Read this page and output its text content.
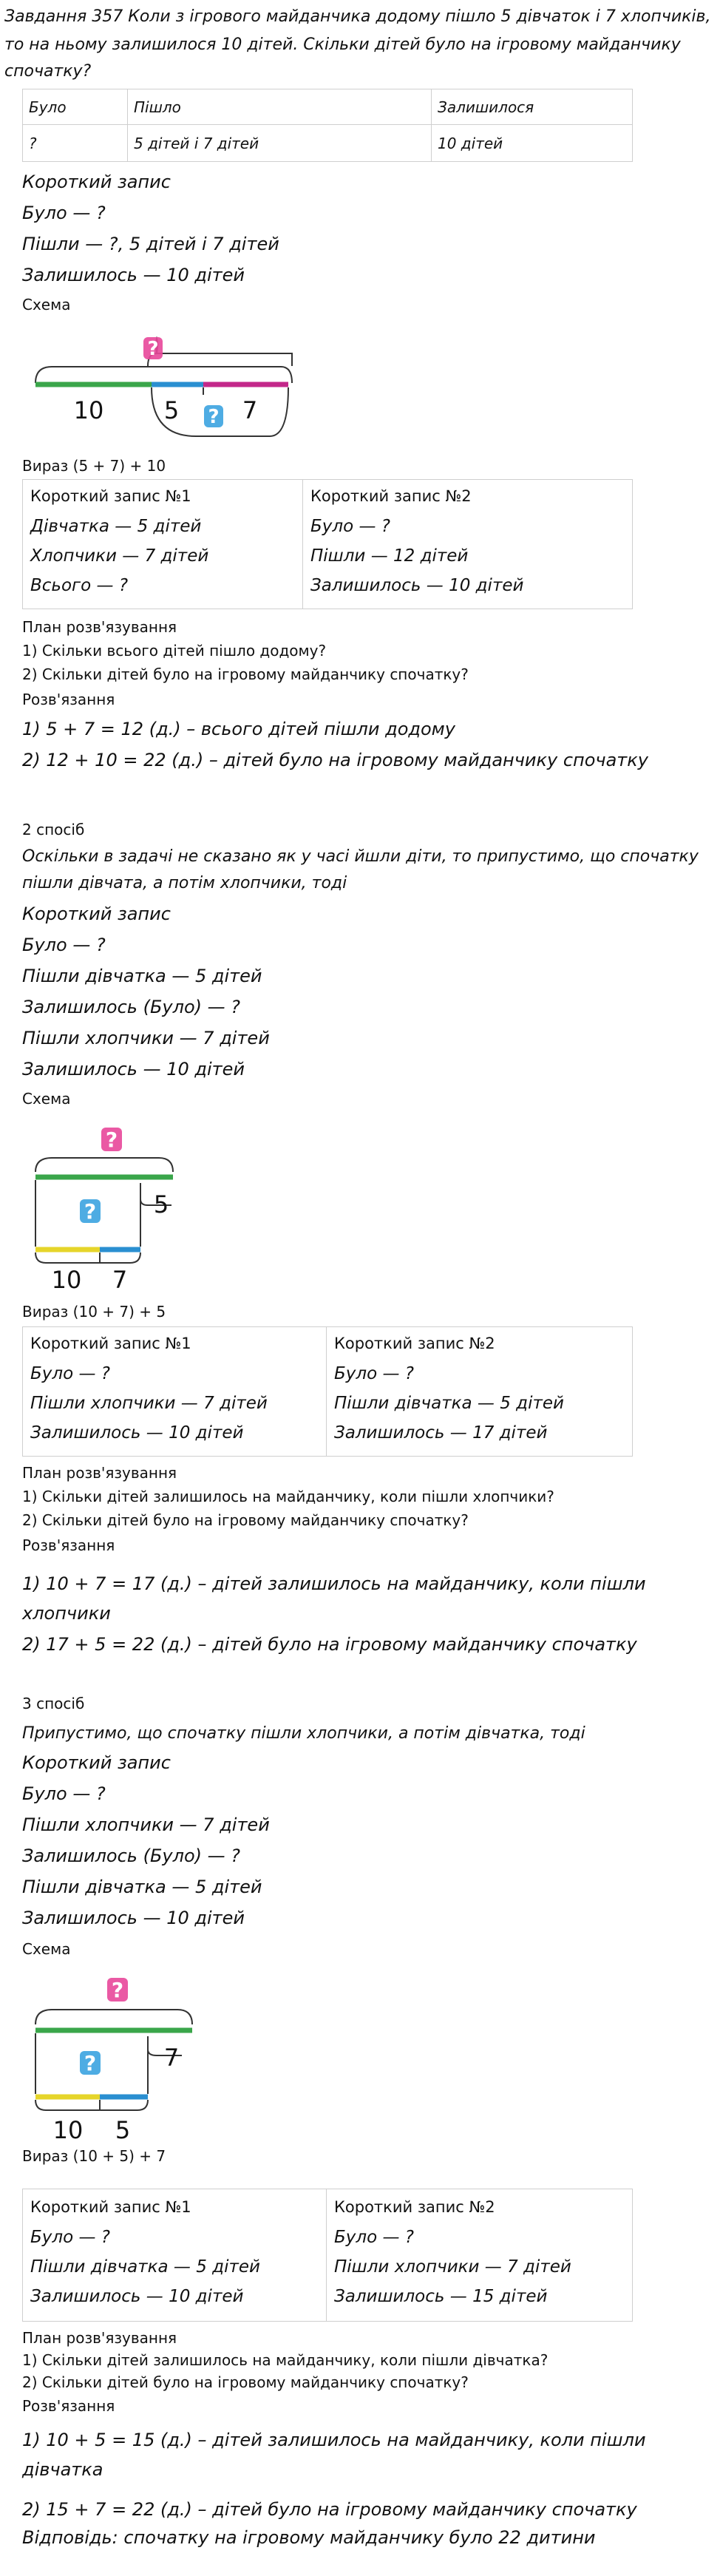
Завдання 357 Коли з ігрового майданчика додому пішло 5 дівчаток і 7 хлопчиків,
то на ньому залишилося 10 дітей. Скільки дітей було на ігровому майданчику
спочатку?
Було	Пішло	Залишилося
?	5 дітей і 7 дітей	10 дітей
Короткий запис
Було — ?
Пішли — ?, 5 дітей і 7 дітей
Залишилось — 10 дітей
Схема
?
?
10	5	7
Вираз (5 + 7) + 10
Короткий запис №1
Дівчатка — 5 дітей
Хлопчики — 7 дітей
Всього — ?
Короткий запис №2
Було — ?
Пішли — 12 дітей
Залишилось — 10 дітей
План розв'язування
1) Скільки всього дітей пішло додому?
2) Скільки дітей було на ігровому майданчику спочатку?
Розв'язання
1) 5 + 7 = 12 (д.) – всього дітей пішли додому
2) 12 + 10 = 22 (д.) – дітей було на ігровому майданчику спочатку
2 спосіб
Оскільки в задачі не сказано як у часі йшли діти, то припустимо, що спочатку
пішли дівчата, а потім хлопчики, тоді
Короткий запис
Було — ?
Пішли дівчатка — 5 дітей
Залишилось (Було) — ?
Пішли хлопчики — 7 дітей
Залишилось — 10 дітей
Схема
?
5
?
10 7
Вираз (10 + 7) + 5
Короткий запис №1
Було — ?
Пішли хлопчики — 7 дітей
Залишилось — 10 дітей
Короткий запис №2
Було — ?
Пішли дівчатка — 5 дітей
Залишилось — 17 дітей
План розв'язування
1) Скільки дітей залишилось на майданчику, коли пішли хлопчики?
2) Скільки дітей було на ігровому майданчику спочатку?
Розв'язання
1) 10 + 7 = 17 (д.) – дітей залишилось на майданчику, коли пішли
хлопчики
2) 17 + 5 = 22 (д.) – дітей було на ігровому майданчику спочатку
3 спосіб
Припустимо, що спочатку пішли хлопчики, а потім дівчатка, тоді
Короткий запис
Було — ?
Пішли хлопчики — 7 дітей
Залишилось (Було) — ?
Пішли дівчатка — 5 дітей
Залишилось — 10 дітей
Схема
?
7
?
10 5
Вираз (10 + 5) + 7
Короткий запис №1
Було — ?
Пішли дівчатка — 5 дітей
Залишилось — 10 дітей
Короткий запис №2
Було — ?
Пішли хлопчики — 7 дітей
Залишилось — 15 дітей
План розв'язування
1) Скільки дітей залишилось на майданчику, коли пішли дівчатка?
2) Скільки дітей було на ігровому майданчику спочатку?
Розв'язання
1) 10 + 5 = 15 (д.) – дітей залишилось на майданчику, коли пішли
дівчатка
2) 15 + 7 = 22 (д.) – дітей було на ігровому майданчику спочатку
Відповідь: спочатку на ігровому майданчику було 22 дитини
